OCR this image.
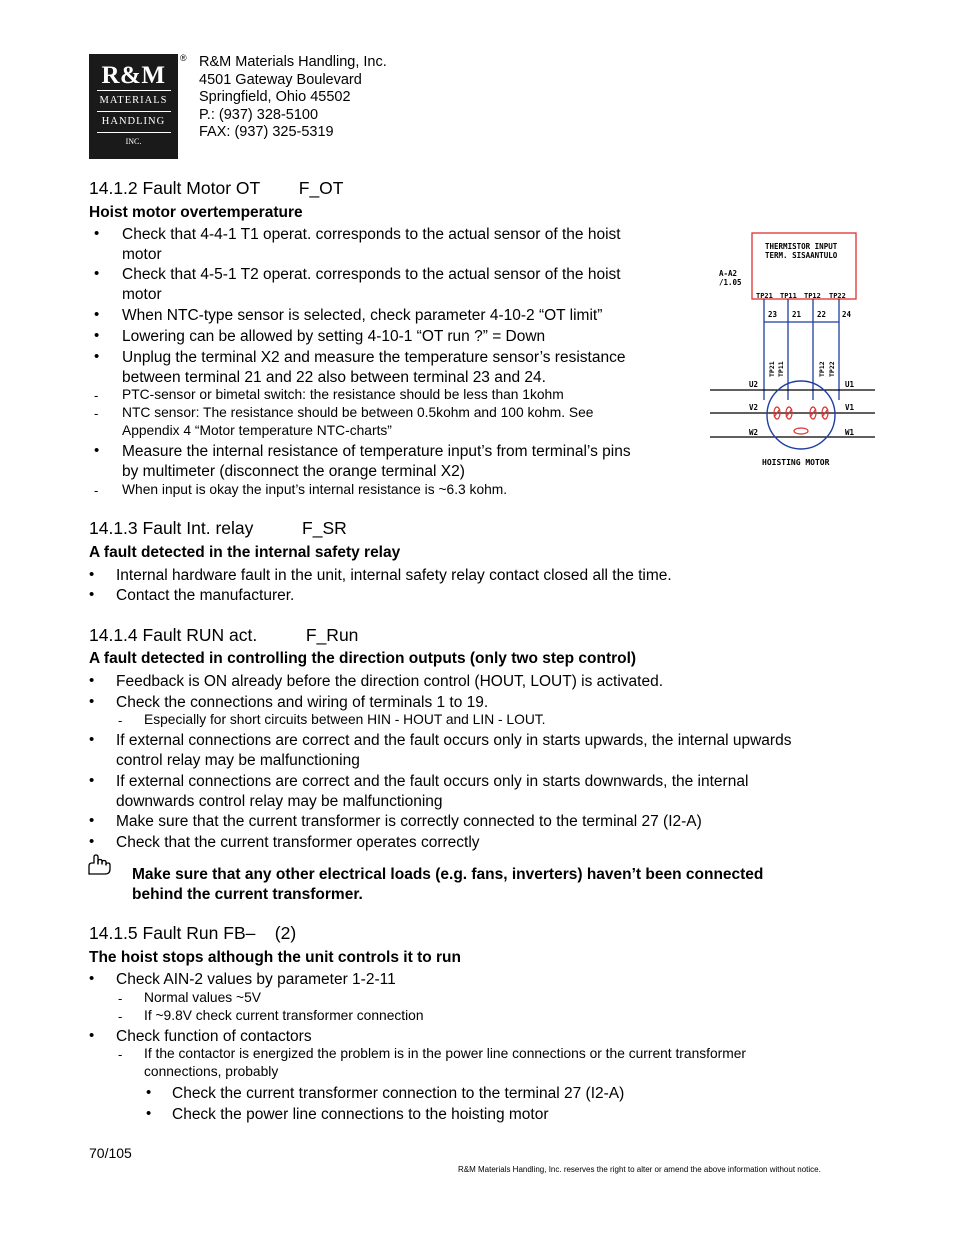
R&M
MATERIALS
HANDLING
INC.
® R&M Materials Handling, Inc.
4501 Gateway Boulevard
Springfield, Ohio 45502
P.: (937) 328-5100
FAX: (937) 325-5319
14.1.2 Fault Motor OT        F_OT
Hoist motor overtemperature
• Check that 4-4-1 T1 operat. corresponds to the actual sensor of the hoist
motor
• Check that 4-5-1 T2 operat. corresponds to the actual sensor of the hoist
motor
• When NTC-type sensor is selected, check parameter 4-10-2 “OT limit”
• Lowering can be allowed by setting 4-10-1 “OT run ?” = Down
• Unplug the terminal X2 and measure the temperature sensor’s resistance
between terminal 21 and 22 also between terminal 23 and 24.
- PTC-sensor or bimetal switch: the resistance should be less than 1kohm
- NTC sensor: The resistance should be between 0.5kohm and 100 kohm. See
Appendix 4 “Motor temperature NTC-charts”
• Measure the internal resistance of temperature input’s from terminal’s pins
by multimeter (disconnect the orange terminal X2)
- When input is okay the input’s internal resistance is ~6.3 kohm.
THERMISTOR INPUT
TERM. SISAANTULO
A-A2
/1.05
TP21 TP11 TP12 TP22
23 21 22 24
TP21 TP11	TP12 TP22
U2
V2
W2
U1
V1
W1
HOISTING MOTOR
14.1.3 Fault Int. relay          F_SR
A fault detected in the internal safety relay
• Internal hardware fault in the unit, internal safety relay contact closed all the time.
• Contact the manufacturer.
14.1.4 Fault RUN act.          F_Run
A fault detected in controlling the direction outputs (only two step control)
• Feedback is ON already before the direction control (HOUT, LOUT) is activated.
• Check the connections and wiring of terminals 1 to 19.
- Especially for short circuits between HIN - HOUT and LIN - LOUT.
• If external connections are correct and the fault occurs only in starts upwards, the internal upwards
control relay may be malfunctioning
• If external connections are correct and the fault occurs only in starts downwards, the internal
downwards control relay may be malfunctioning
• Make sure that the current transformer is correctly connected to the terminal 27 (I2-A)
• Check that the current transformer operates correctly
Make sure that any other electrical loads (e.g. fans, inverters) haven’t been connected
behind the current transformer.
14.1.5 Fault Run FB–    (2)
The hoist stops although the unit controls it to run
• Check AIN-2 values by parameter 1-2-11
- Normal values ~5V
- If ~9.8V check current transformer connection
• Check function of contactors
- If the contactor is energized the problem is in the power line connections or the current transformer
connections, probably
• Check the current transformer connection to the terminal 27 (I2-A)
• Check the power line connections to the hoisting motor
70/105
R&M Materials Handling, Inc. reserves the right to alter or amend the above information without notice.
